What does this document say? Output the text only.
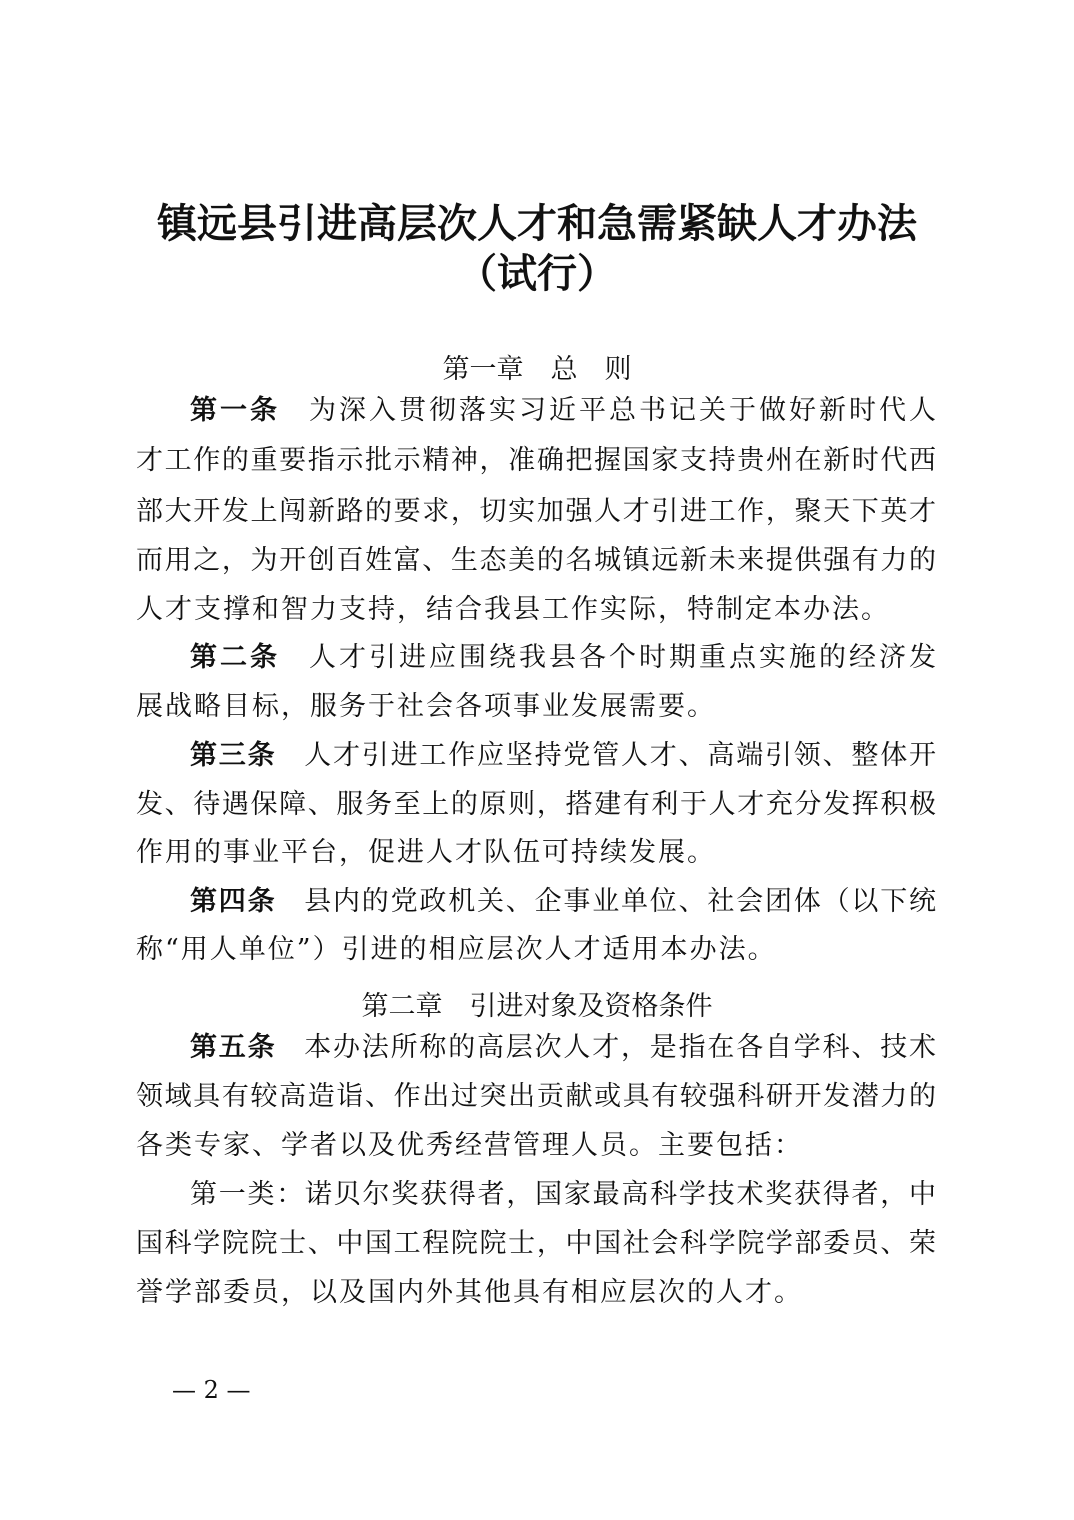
镇远县引进高层次人才和急需紧缺人才办法
（试行）
第一章　总　则
第一条 为深入贯彻落实习近平总书记关于做好新时代人
才工作的重要指示批示精神，准确把握国家支持贵州在新时代西
部大开发上闯新路的要求，切实加强人才引进工作，聚天下英才
而用之，为开创百姓富、生态美的名城镇远新未来提供强有力的
人才支撑和智力支持，结合我县工作实际，特制定本办法。
第二条 人才引进应围绕我县各个时期重点实施的经济发
展战略目标，服务于社会各项事业发展需要。
第三条 人才引进工作应坚持党管人才、高端引领、整体开
发、待遇保障、服务至上的原则，搭建有利于人才充分发挥积极
作用的事业平台，促进人才队伍可持续发展。
第四条 县内的党政机关、企事业单位、社会团体（以下统
称“用人单位”）引进的相应层次人才适用本办法。
第二章　引进对象及资格条件
第五条 本办法所称的高层次人才，是指在各自学科、技术
领域具有较高造诣、作出过突出贡献或具有较强科研开发潜力的
各类专家、学者以及优秀经营管理人员。主要包括：
第一类：诺贝尔奖获得者，国家最高科学技术奖获得者，中
国科学院院士、中国工程院院士，中国社会科学院学部委员、荣
誉学部委员，以及国内外其他具有相应层次的人才。
— 2 —
